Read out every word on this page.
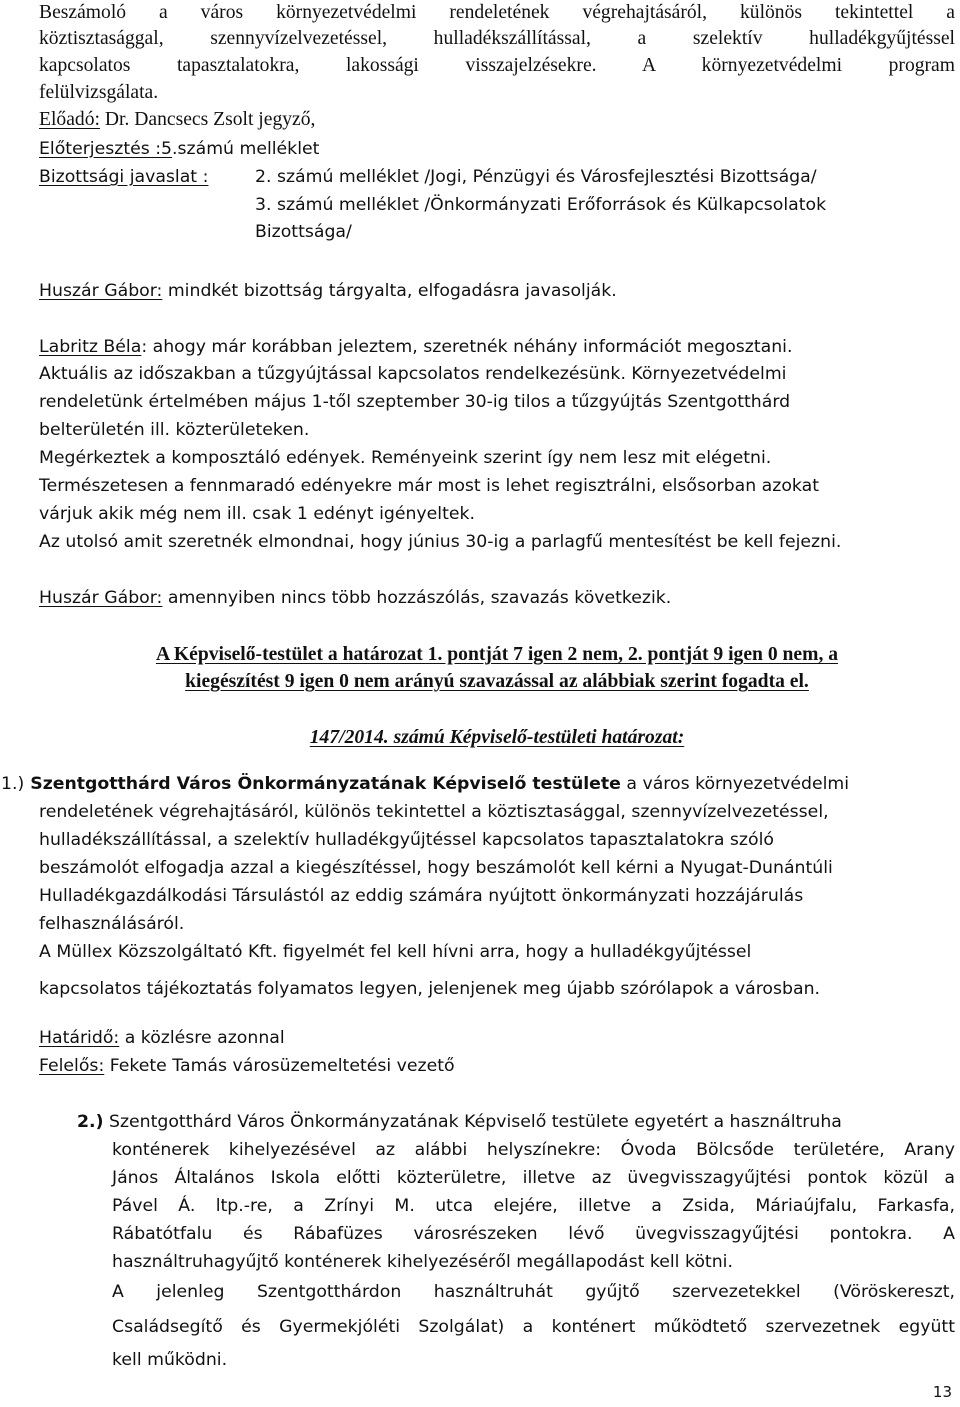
Beszámoló a város környezetvédelmi rendeletének végrehajtásáról, különös tekintettel a
köztisztasággal, szennyvízelvezetéssel, hulladékszállítással, a szelektív hulladékgyűjtéssel
kapcsolatos tapasztalatokra, lakossági visszajelzésekre. A környezetvédelmi program
felülvizsgálata.
Előadó: Dr. Dancsecs Zsolt jegyző,
Előterjesztés :5.számú melléklet
Bizottsági javaslat :	2. számú melléklet /Jogi, Pénzügyi és Városfejlesztési Bizottsága/
3. számú melléklet /Önkormányzati Erőforrások és Külkapcsolatok
Bizottsága/
Huszár Gábor: mindkét bizottság tárgyalta, elfogadásra javasolják.
Labritz Béla: ahogy már korábban jeleztem, szeretnék néhány információt megosztani.
Aktuális az időszakban a tűzgyújtással kapcsolatos rendelkezésünk. Környezetvédelmi
rendeletünk értelmében május 1-től szeptember 30-ig tilos a tűzgyújtás Szentgotthárd
belterületén ill. közterületeken.
Megérkeztek a komposztáló edények. Reményeink szerint így nem lesz mit elégetni.
Természetesen a fennmaradó edényekre már most is lehet regisztrálni, elsősorban azokat
várjuk akik még nem ill. csak 1 edényt igényeltek.
Az utolsó amit szeretnék elmondnai, hogy június 30-ig a parlagfű mentesítést be kell fejezni.
Huszár Gábor: amennyiben nincs több hozzászólás, szavazás következik.
A Képviselő-testület a határozat 1. pontját 7 igen 2 nem, 2. pontját 9 igen 0 nem, a
kiegészítést 9 igen 0 nem arányú szavazással az alábbiak szerint fogadta el.
147/2014. számú Képviselő-testületi határozat:
1.) Szentgotthárd Város Önkormányzatának Képviselő testülete a város környezetvédelmi
rendeletének végrehajtásáról, különös tekintettel a köztisztasággal, szennyvízelvezetéssel,
hulladékszállítással, a szelektív hulladékgyűjtéssel kapcsolatos tapasztalatokra szóló
beszámolót elfogadja azzal a kiegészítéssel, hogy beszámolót kell kérni a Nyugat-Dunántúli
Hulladékgazdálkodási Társulástól az eddig számára nyújtott önkormányzati hozzájárulás
felhasználásáról.
A Müllex Közszolgáltató Kft. figyelmét fel kell hívni arra, hogy a hulladékgyűjtéssel
kapcsolatos tájékoztatás folyamatos legyen, jelenjenek meg újabb szórólapok a városban.
Határidő: a közlésre azonnal
Felelős: Fekete Tamás városüzemeltetési vezető
2.) Szentgotthárd Város Önkormányzatának Képviselő testülete egyetért a használtruha
konténerek kihelyezésével az alábbi helyszínekre: Óvoda Bölcsőde területére, Arany
János Általános Iskola előtti közterületre, illetve az üvegvisszagyűjtési pontok közül a
Pável Á. ltp.-re, a Zrínyi M. utca elejére, illetve a Zsida, Máriaújfalu, Farkasfa,
Rábatótfalu és Rábafüzes városrészeken lévő üvegvisszagyűjtési pontokra. A
használtruhagyűjtő konténerek kihelyezéséről megállapodást kell kötni.
A jelenleg Szentgotthárdon használtruhát gyűjtő szervezetekkel (Vöröskereszt,
Családsegítő és Gyermekjóléti Szolgálat) a konténert működtető szervezetnek együtt
kell működni.
13
